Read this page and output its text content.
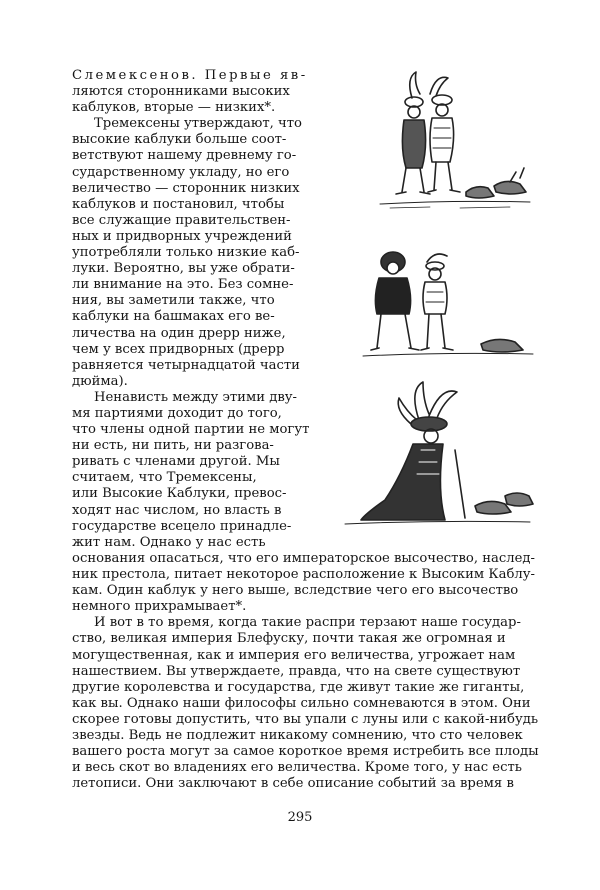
Слемексенов. Первые яв-
ляются сторонниками высоких
каблуков, вторые — низких*.
Тремексены утверждают, что
высокие каблуки больше соот-
ветствуют нашему древнему го-
сударственному укладу, но его
величество — сторонник низких
каблуков и постановил, чтобы
все служащие правительствен-
ных и придворных учреждений
употребляли только низкие каб-
луки. Вероятно, вы уже обрати-
ли внимание на это. Без сомне-
ния, вы заметили также, что
каблуки на башмаках его ве-
личества на один дрерр ниже,
чем у всех придворных (дрерр
равняется четырнадцатой части
дюйма).
Ненависть между этими дву-
мя партиями доходит до того,
что члены одной партии не могут
ни есть, ни пить, ни разгова-
ривать с членами другой. Мы
считаем, что Тремексены,
или Высокие Каблуки, превос-
ходят нас числом, но власть в
государстве всецело принадле-
жит нам. Однако у нас есть
основания опасаться, что его императорское высочество, наслед-
ник престола, питает некоторое расположение к Высоким Каблу-
кам. Один каблук у него выше, вследствие чего его высочество
немного прихрамывает*.
И вот в то время, когда такие распри терзают наше государ-
ство, великая империя Блефуску, почти такая же огромная и
могущественная, как и империя его величества, угрожает нам
нашествием. Вы утверждаете, правда, что на свете существуют
другие королевства и государства, где живут такие же гиганты,
как вы. Однако наши философы сильно сомневаются в этом. Они
скорее готовы допустить, что вы упали с луны или с какой-нибудь
звезды. Ведь не подлежит никакому сомнению, что сто человек
вашего роста могут за самое короткое время истребить все плоды
и весь скот во владениях его величества. Кроме того, у нас есть
летописи. Они заключают в себе описание событий за время в
295
